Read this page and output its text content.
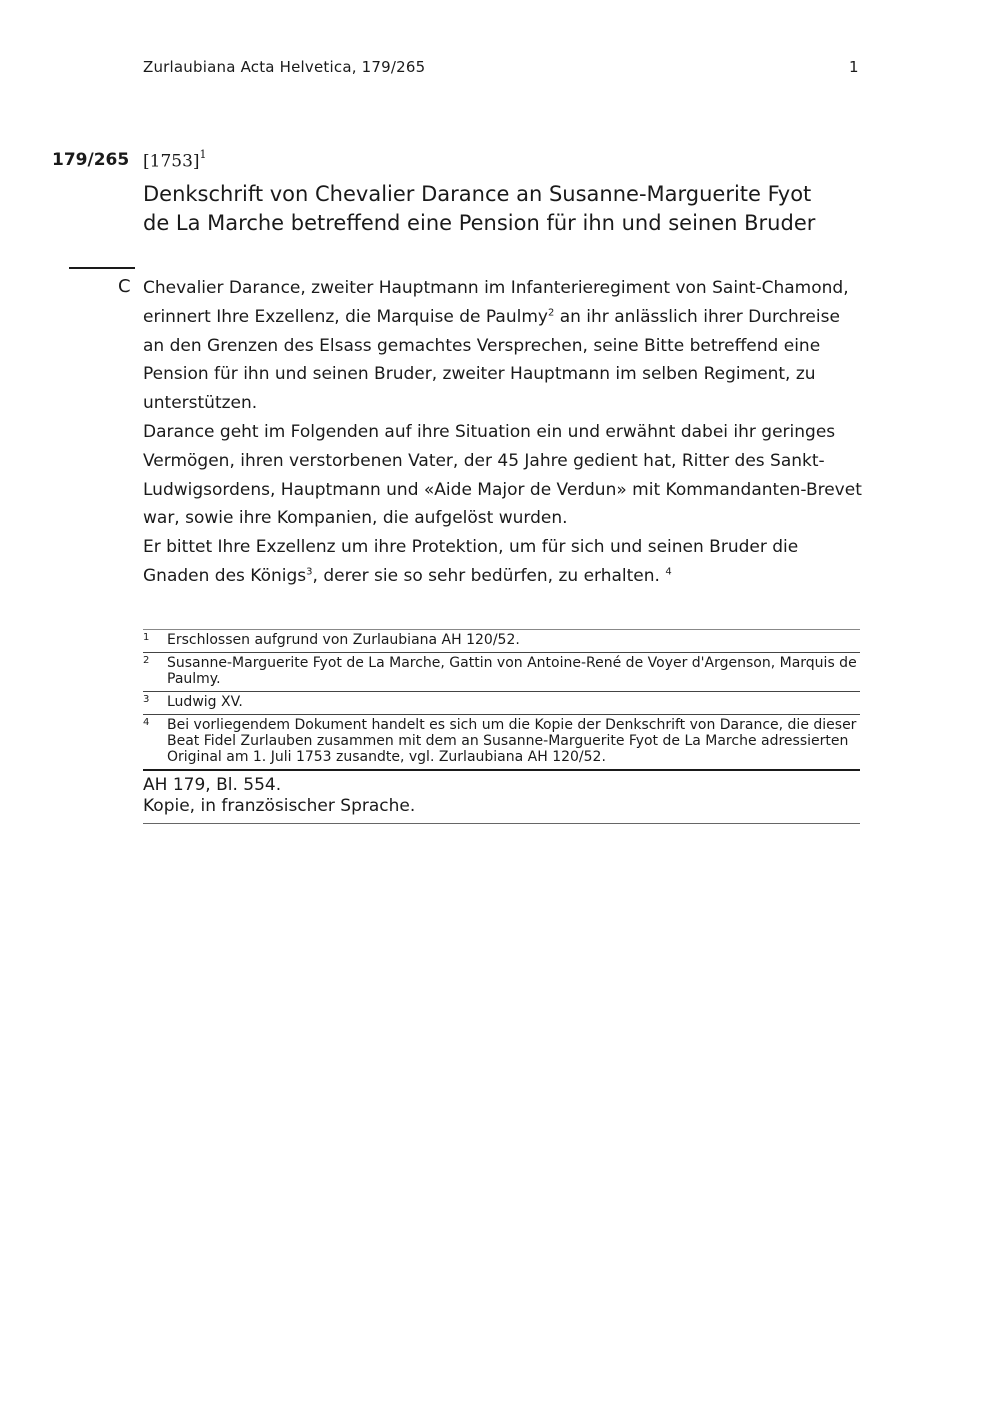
Zurlaubiana Acta Helvetica, 179/265	1
179/265 $[1753]^1$
Denkschrift von Chevalier Darance an Susanne-Marguerite Fyot
de La Marche betreffend eine Pension für ihn und seinen Bruder
C Chevalier Darance, zweiter Hauptmann im Infanterieregiment von Saint-Chamond, erinnert Ihre Exzellenz, die Marquise de Paulmy$^2$ an ihr anlässlich ihrer Durchreise an den Grenzen des Elsass gemachtes Versprechen, seine Bitte betreffend eine Pension für ihn und seinen Bruder, zweiter Hauptmann im selben Regiment, zu unterstützen.

Darance geht im Folgenden auf ihre Situation ein und erwähnt dabei ihr geringes Vermögen, ihren verstorbenen Vater, der 45 Jahre gedient hat, Ritter des Sankt-Ludwigsordens, Hauptmann und «Aide Major de Verdun» mit Kommandanten-Brevet war, sowie ihre Kompanien, die aufgelöst wurden.

Er bittet Ihre Exzellenz um ihre Protektion, um für sich und seinen Bruder die Gnaden des Königs$^3$, derer sie so sehr bedürfen, zu erhalten. $^4$

1 Erschlossen aufgrund von Zurlaubiana AH 120/52.
2 Susanne-Marguerite Fyot de La Marche, Gattin von Antoine-René de Voyer d'Argenson, Marquis de Paulmy.
3 Ludwig XV.
4 Bei vorliegendem Dokument handelt es sich um die Kopie der Denkschrift von Darance, die dieser Beat Fidel Zurlauben zusammen mit dem an Susanne-Marguerite Fyot de La Marche adressierten Original am 1. Juli 1753 zusandte, vgl. Zurlaubiana AH 120/52.
AH 179, Bl. 554.
Kopie, in französischer Sprache.
